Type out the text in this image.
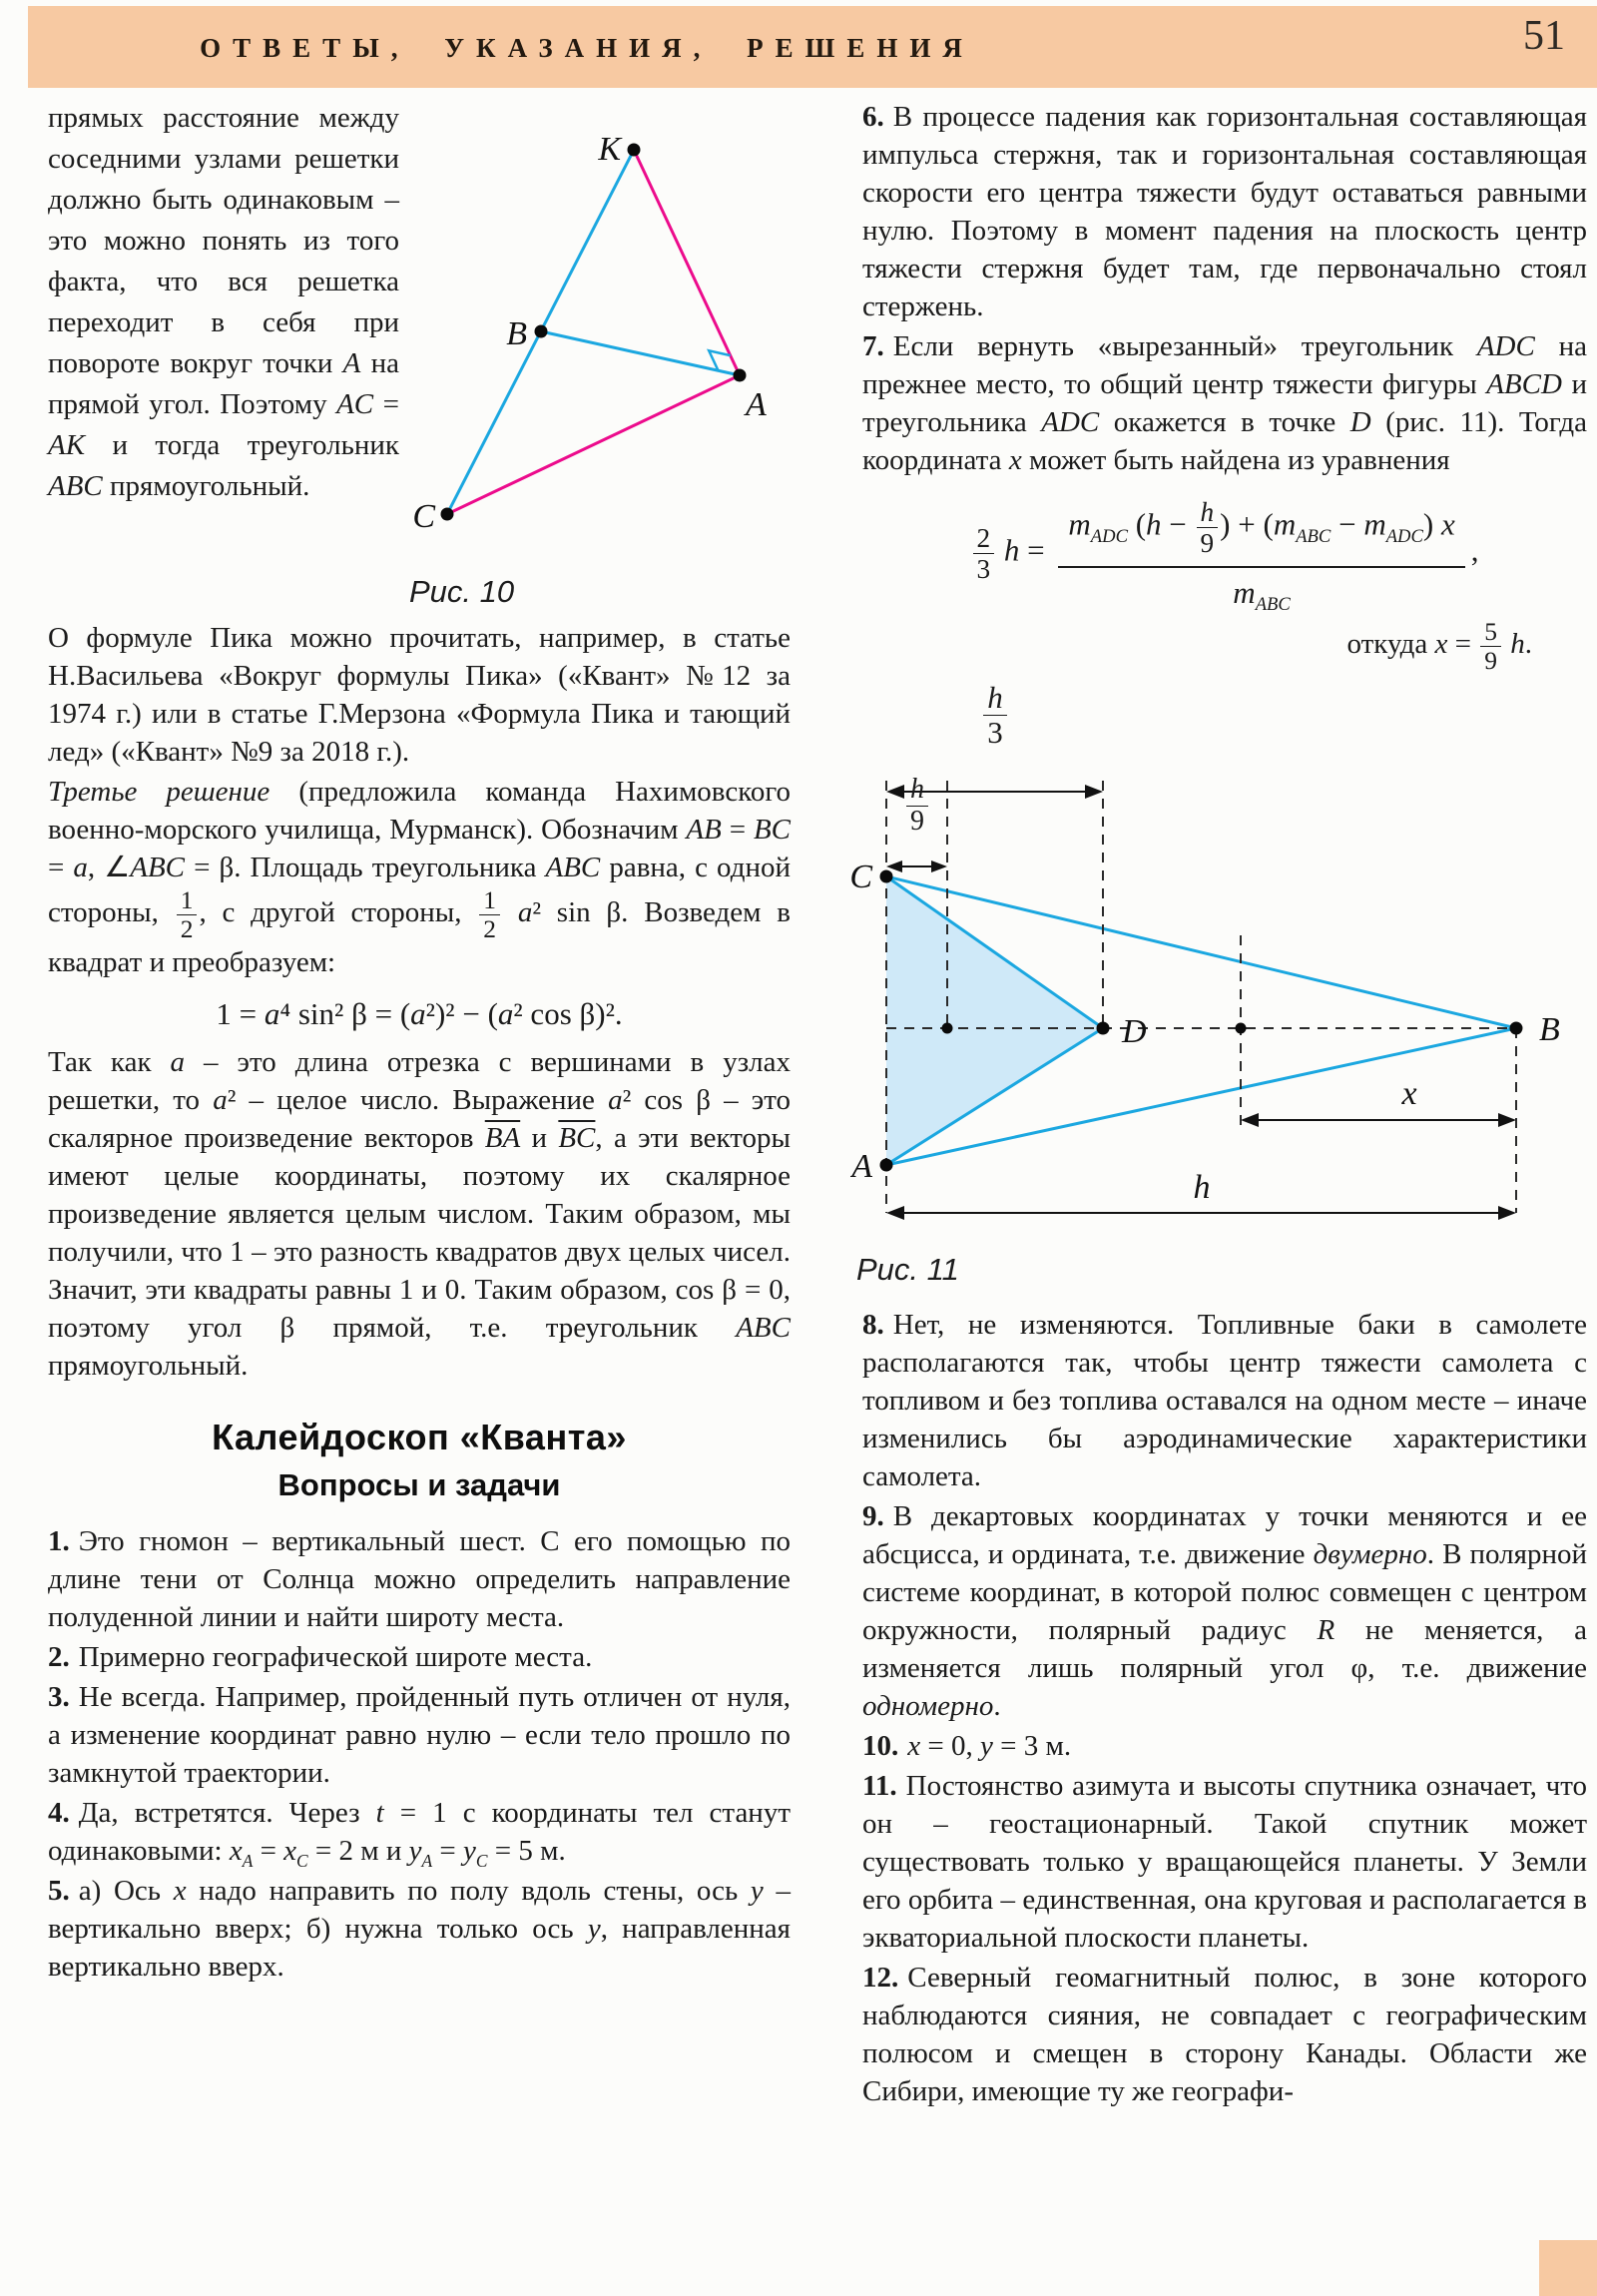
ОТВЕТЫ, УКАЗАНИЯ, РЕШЕНИЯ	51

прямых расстояние между соседними узлами решетки должно быть одинаковым – это можно понять из того факта, что вся решетка переходит в себя при повороте вокруг точки A на прямой угол. Поэтому AC = AK и тогда треугольник ABC прямоугольный.

K
B
A
C
Рис. 10

О формуле Пика можно прочитать, например, в статье Н.Васильева «Вокруг формулы Пика» («Квант» №12 за 1974 г.) или в статье Г.Мерзона «Формула Пика и тающий лед» («Квант» №9 за 2018 г.).

Третье решение (предложила команда Нахимовского военно-морского училища, Мурманск). Обозначим AB = BC = a, ∠ABC = β. Площадь треугольника ABC равна, с одной стороны, $\frac{1}{2}$ , с другой стороны, $\frac{1}{2} a^2$ sin β. Возведем в квадрат и преобразуем:

1 = a⁴ sin² β = (a²)² − (a² cos β)².

Так как a – это длина отрезка с вершинами в узлах решетки, то a² – целое число. Выражение a² cos β – это скалярное произведение векторов $\overline{BA}$ и $\overline{BC}$, а эти векторы имеют целые координаты, поэтому их скалярное произведение является целым числом. Таким образом, мы получили, что 1 – это разность квадратов двух целых чисел. Значит, эти квадраты равны 1 и 0. Таким образом, cos β = 0, поэтому угол β прямой, т.е. треугольник ABC прямоугольный.

Калейдоскоп «Кванта»
Вопросы и задачи

1. Это гномон – вертикальный шест. С его помощью по длине тени от Солнца можно определить направление полуденной линии и найти широту места.

2. Примерно географической широте места.

3. Не всегда. Например, пройденный путь отличен от нуля, а изменение координат равно нулю – если тело прошло по замкнутой траектории.

4. Да, встретятся. Через t = 1 с координаты тел станут одинаковыми: $x_A = x_C = 2$ м и $y_A = y_C = 5$ м.

5. а) Ось x надо направить по полу вдоль стены, ось y – вертикально вверх; б) нужна только ось y, направленная вертикально вверх.

6. В процессе падения как горизонтальная составляющая импульса стержня, так и горизонтальная составляющая скорости его центра тяжести будут оставаться равными нулю. Поэтому в момент падения на плоскость центр тяжести стержня будет там, где первоначально стоял стержень.

7. Если вернуть «вырезанный» треугольник ADC на прежнее место, то общий центр тяжести фигуры ABCD и треугольника ADC окажется в точке D (рис. 11). Тогда координата x может быть найдена из уравнения

$\frac{2}{3}$ $h = \frac{m_{ADC} (h - \frac{h}{9} ) + (m_{ABC} - m_{ADC}) x}{m_{ABC}}$ ,

откуда $x = \frac{5}{9} h$.

C
A
D	B
x
h
Рис. 11
$\frac{h}{3}$
$\frac{h}{9}$

8. Нет, не изменяются. Топливные баки в самолете располагаются так, чтобы центр тяжести самолета с топливом и без топлива оставался на одном месте – иначе изменились бы аэродинамические характеристики самолета.

9. В декартовых координатах у точки меняются и ее абсцисса, и ордината, т.е. движение двумерно. В полярной системе координат, в которой полюс совмещен с центром окружности, полярный радиус R не меняется, а изменяется лишь полярный угол φ, т.е. движение одномерно.

10. x = 0, y = 3 м.

11. Постоянство азимута и высоты спутника означает, что он – геостационарный. Такой спутник может существовать только у вращающейся планеты. У Земли его орбита – единственная, она круговая и располагается в экваториальной плоскости планеты.

12. Северный геомагнитный полюс, в зоне которого наблюдаются сияния, не совпадает с географическим полюсом и смещен в сторону Канады. Области же Сибири, имеющие ту же географи-
